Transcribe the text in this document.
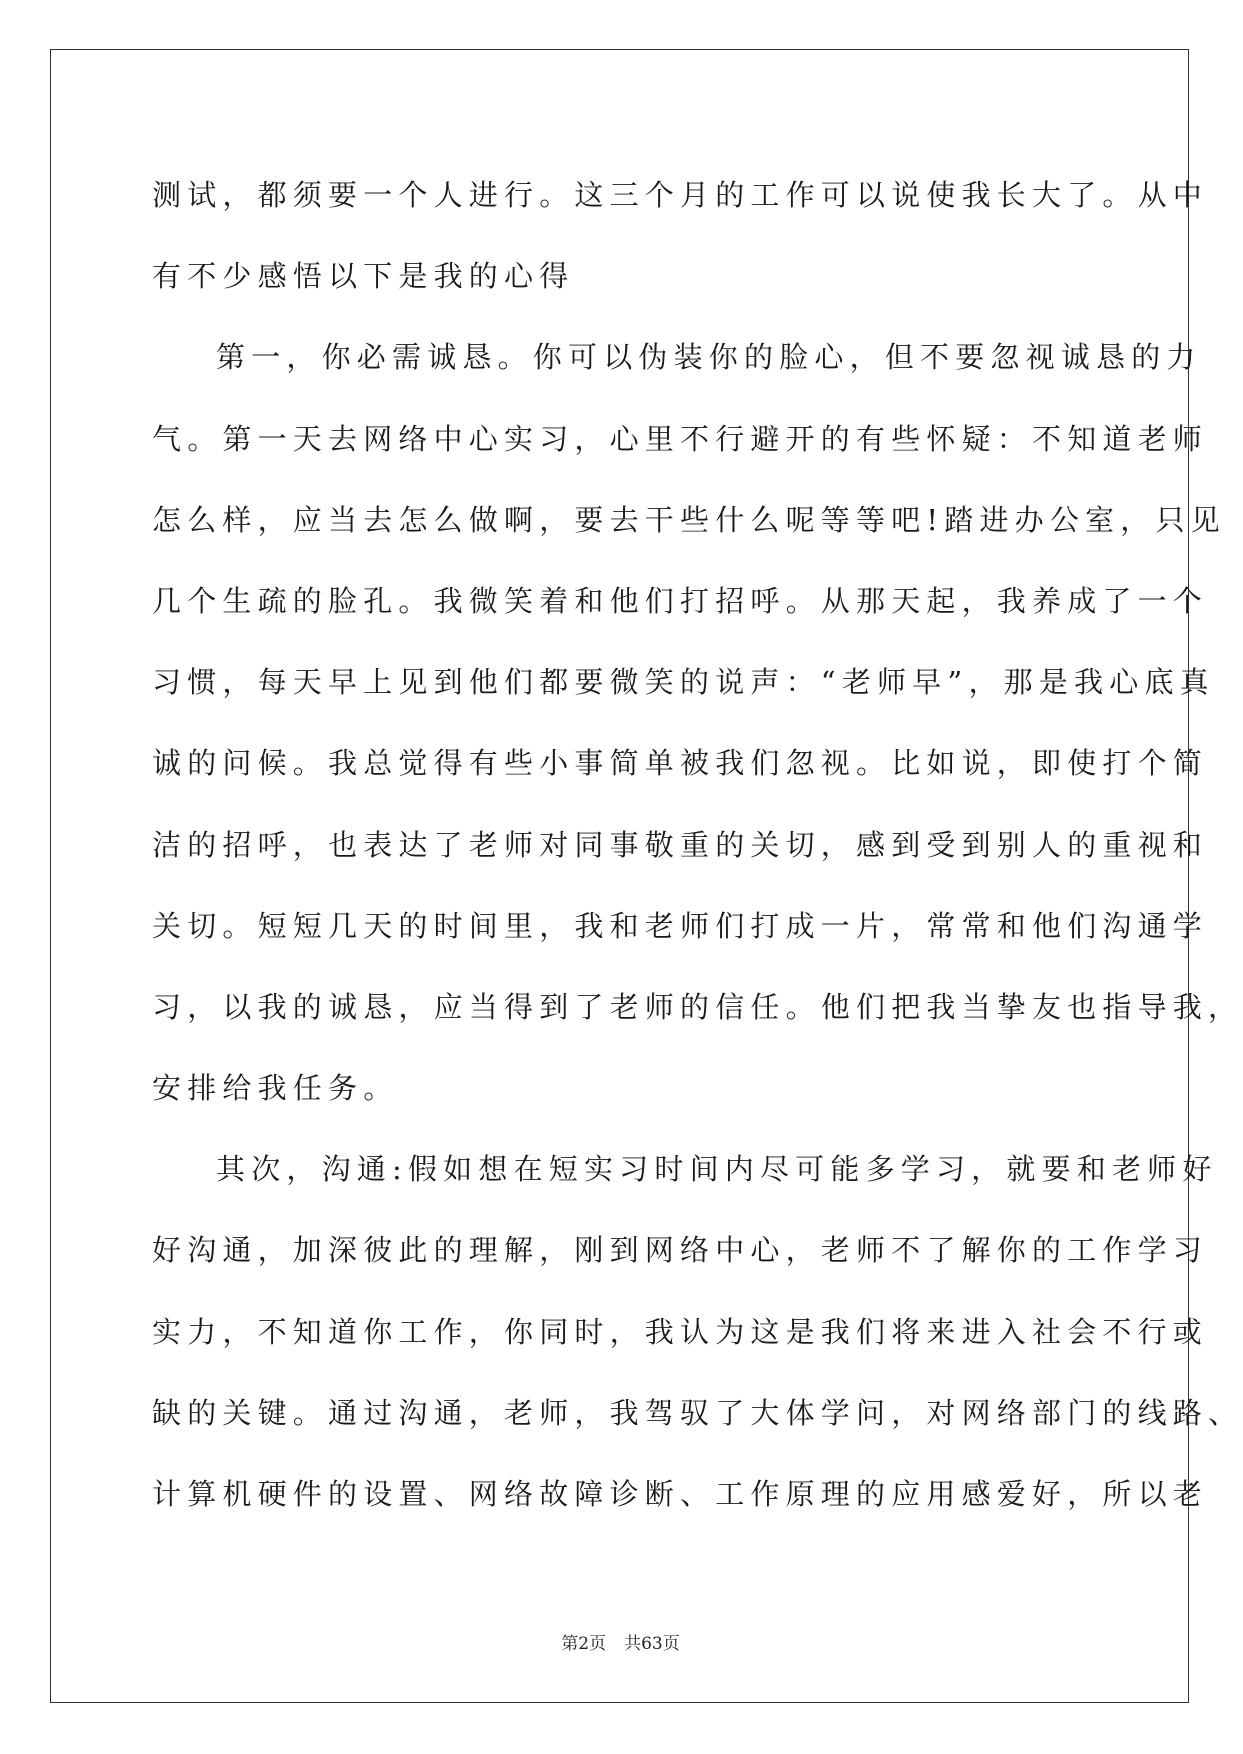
测试，都须要一个人进行。这三个月的工作可以说使我长大了。从中
有不少感悟以下是我的心得
第一，你必需诚恳。你可以伪装你的脸心，但不要忽视诚恳的力
气。第一天去网络中心实习，心里不行避开的有些怀疑：不知道老师
怎么样，应当去怎么做啊，要去干些什么呢等等吧!踏进办公室，只见
几个生疏的脸孔。我微笑着和他们打招呼。从那天起，我养成了一个
习惯，每天早上见到他们都要微笑的说声：“老师早”，那是我心底真
诚的问候。我总觉得有些小事简单被我们忽视。比如说，即使打个简
洁的招呼，也表达了老师对同事敬重的关切，感到受到别人的重视和
关切。短短几天的时间里，我和老师们打成一片，常常和他们沟通学
习，以我的诚恳，应当得到了老师的信任。他们把我当挚友也指导我，
安排给我任务。
其次，沟通:假如想在短实习时间内尽可能多学习，就要和老师好
好沟通，加深彼此的理解，刚到网络中心，老师不了解你的工作学习
实力，不知道你工作，你同时，我认为这是我们将来进入社会不行或
缺的关键。通过沟通，老师，我驾驭了大体学问，对网络部门的线路、
计算机硬件的设置、网络故障诊断、工作原理的应用感爱好，所以老
第2页 共63页
